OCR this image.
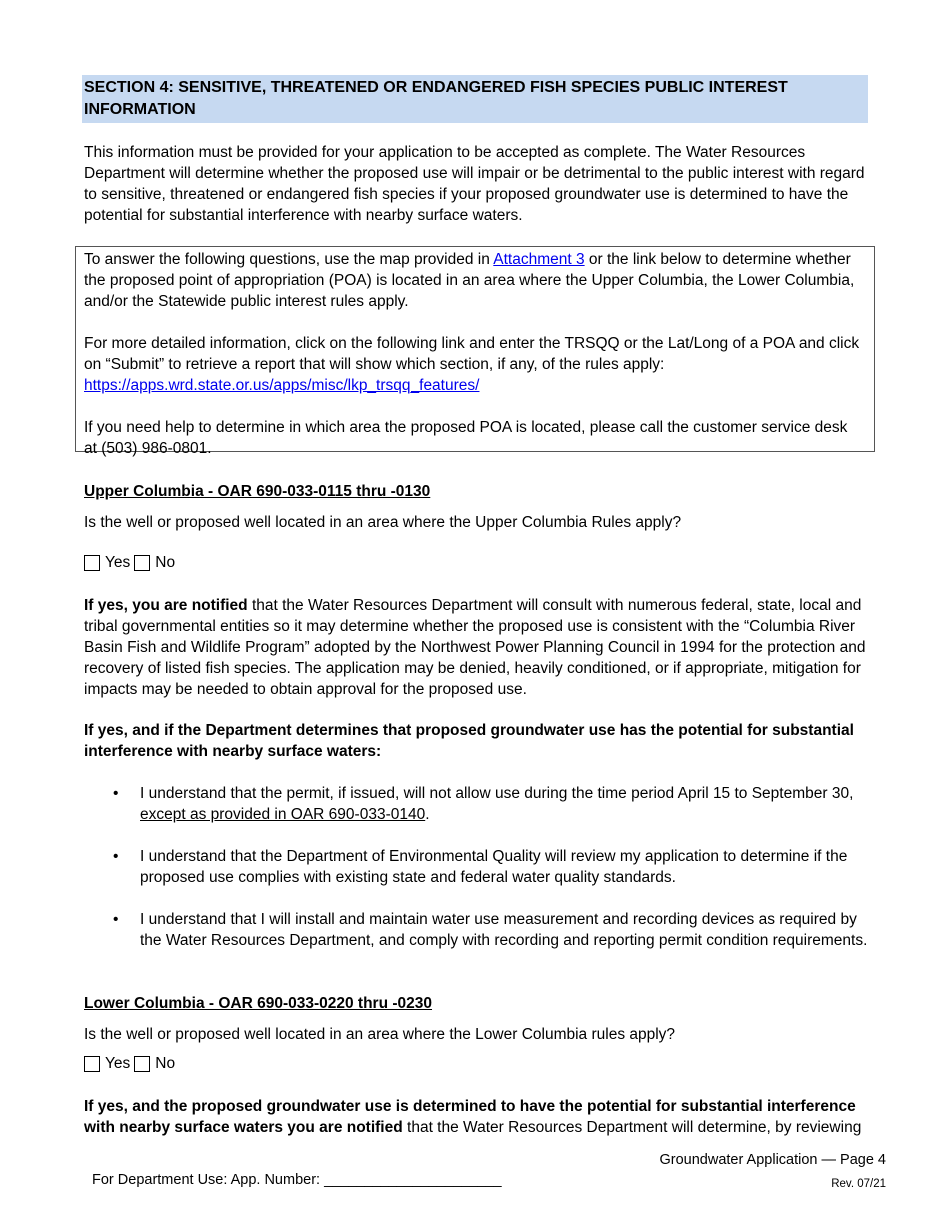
SECTION 4: SENSITIVE, THREATENED OR ENDANGERED FISH SPECIES PUBLIC INTEREST INFORMATION
This information must be provided for your application to be accepted as complete. The Water Resources Department will determine whether the proposed use will impair or be detrimental to the public interest with regard to sensitive, threatened or endangered fish species if your proposed groundwater use is determined to have the potential for substantial interference with nearby surface waters.
To answer the following questions, use the map provided in Attachment 3 or the link below to determine whether the proposed point of appropriation (POA) is located in an area where the Upper Columbia, the Lower Columbia, and/or the Statewide public interest rules apply.
For more detailed information, click on the following link and enter the TRSQQ or the Lat/Long of a POA and click on “Submit” to retrieve a report that will show which section, if any, of the rules apply:
https://apps.wrd.state.or.us/apps/misc/lkp_trsqq_features/
If you need help to determine in which area the proposed POA is located, please call the customer service desk at (503) 986-0801.
Upper Columbia - OAR 690-033-0115 thru -0130
Is the well or proposed well located in an area where the Upper Columbia Rules apply?
Yes No
If yes, you are notified that the Water Resources Department will consult with numerous federal, state, local and tribal governmental entities so it may determine whether the proposed use is consistent with the “Columbia River Basin Fish and Wildlife Program” adopted by the Northwest Power Planning Council in 1994 for the protection and recovery of listed fish species. The application may be denied, heavily conditioned, or if appropriate, mitigation for impacts may be needed to obtain approval for the proposed use.
If yes, and if the Department determines that proposed groundwater use has the potential for substantial interference with nearby surface waters:
• I understand that the permit, if issued, will not allow use during the time period April 15 to September 30, except as provided in OAR 690-033-0140.
• I understand that the Department of Environmental Quality will review my application to determine if the proposed use complies with existing state and federal water quality standards.
• I understand that I will install and maintain water use measurement and recording devices as required by the Water Resources Department, and comply with recording and reporting permit condition requirements.
Lower Columbia - OAR 690-033-0220 thru -0230
Is the well or proposed well located in an area where the Lower Columbia rules apply?
Yes No
If yes, and the proposed groundwater use is determined to have the potential for substantial interference with nearby surface waters you are notified that the Water Resources Department will determine, by reviewing
Groundwater Application — Page 4
For Department Use: App. Number: ______________________	Rev. 07/21
